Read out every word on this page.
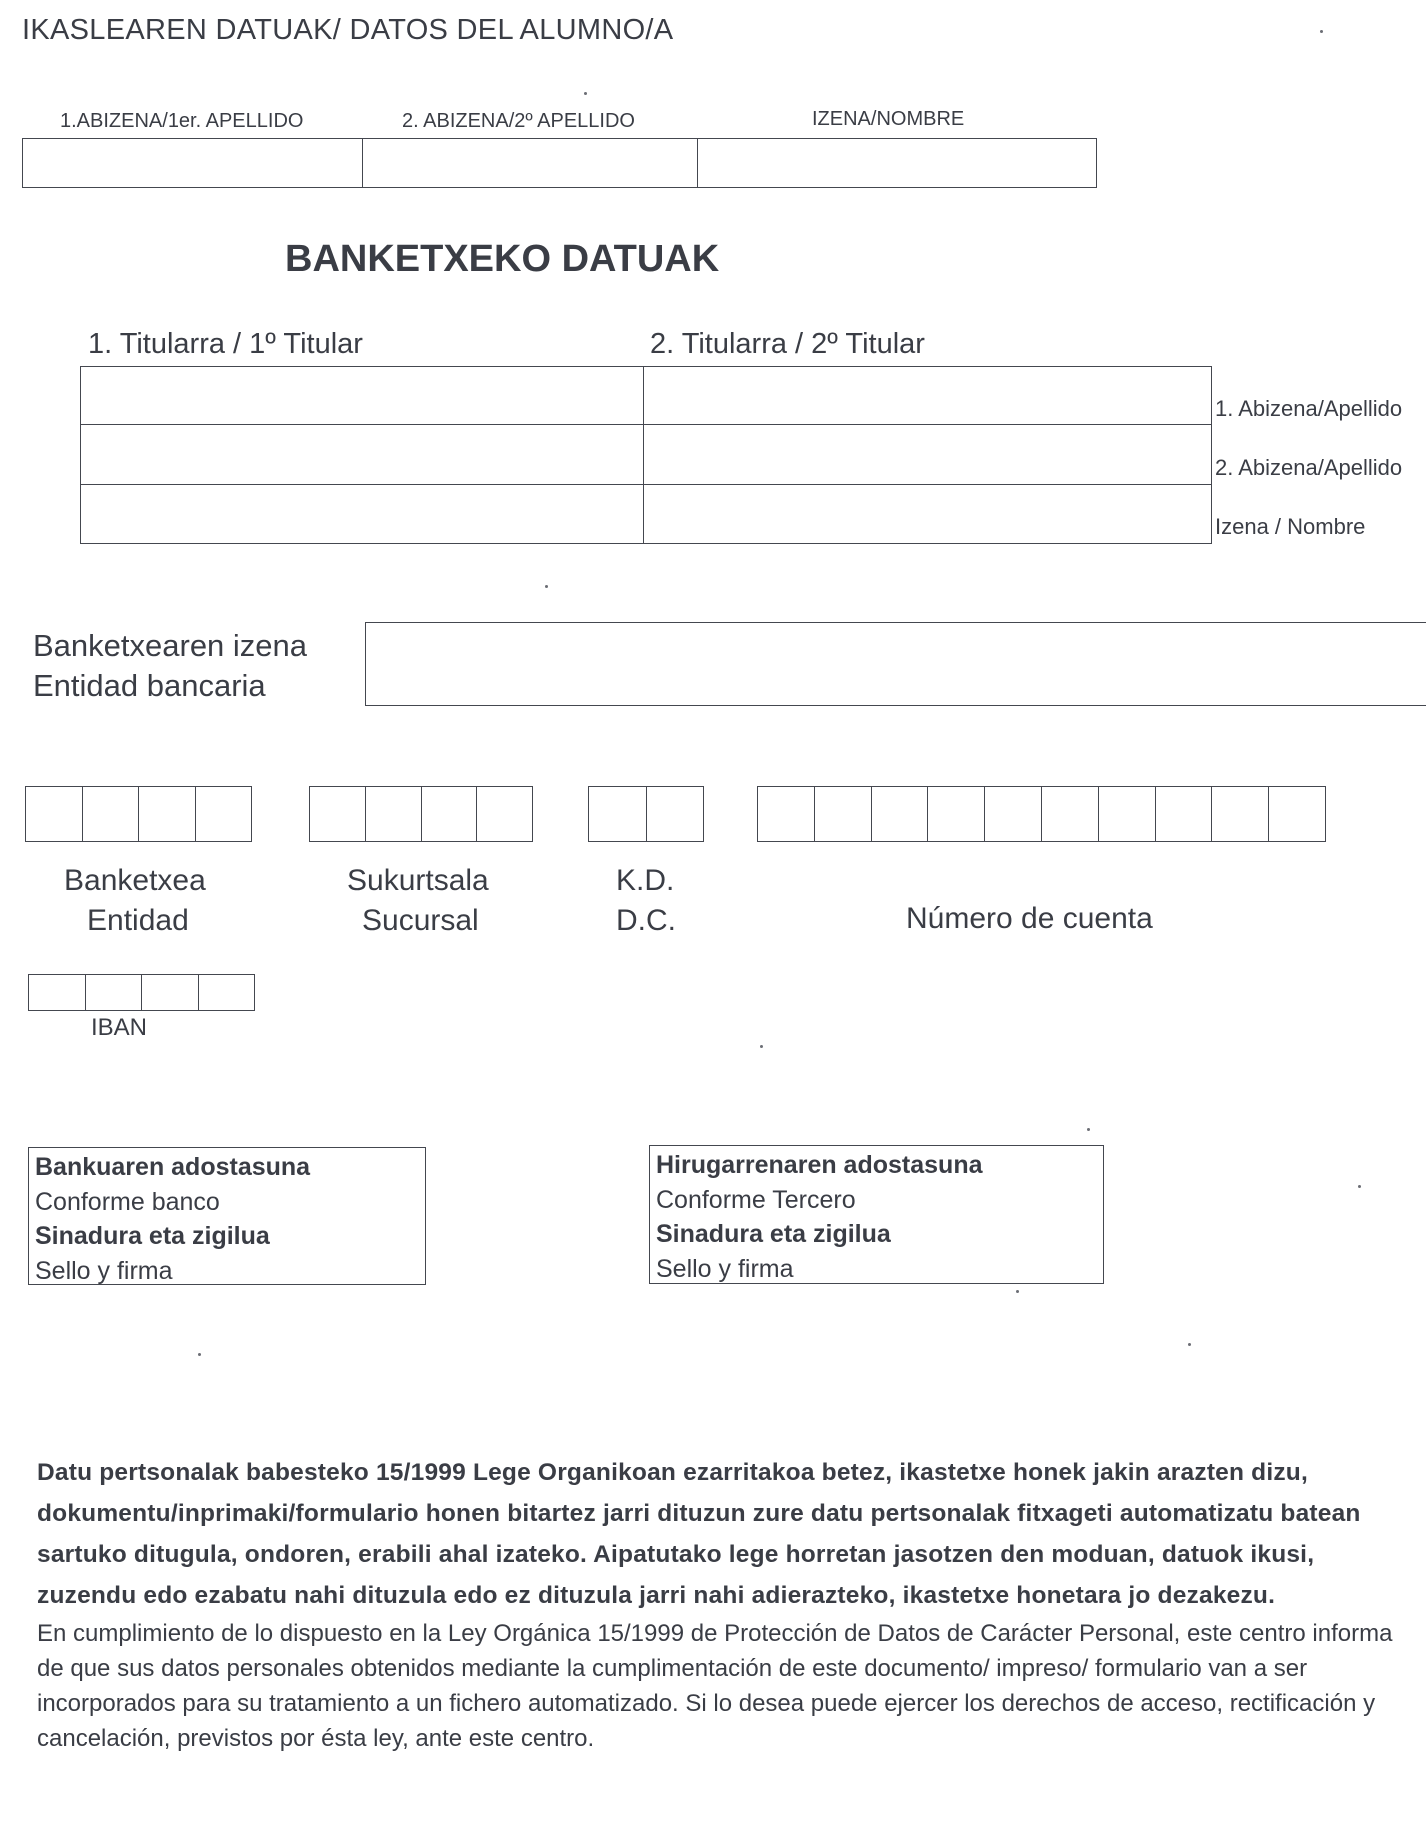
IKASLEAREN DATUAK/ DATOS DEL ALUMNO/A
1.ABIZENA/1er. APELLIDO	2. ABIZENA/2º APELLIDO	IZENA/NOMBRE
BANKETXEKO DATUAK
1. Titularra / 1º Titular	2. Titularra / 2º Titular
1. Abizena/Apellido
2. Abizena/Apellido
Izena / Nombre
Banketxearen izena
Entidad bancaria
Banketxea
Entidad
Sukurtsala
Sucursal
K.D.
D.C.	Número de cuenta
IBAN
Bankuaren adostasuna
Conforme banco
Sinadura eta zigilua
Sello y firma
Hirugarrenaren adostasuna
Conforme Tercero
Sinadura eta zigilua
Sello y firma

Datu pertsonalak babesteko 15/1999 Lege Organikoan ezarritakoa betez, ikastetxe honek jakin arazten dizu, dokumentu/inprimaki/formulario honen bitartez jarri dituzun zure datu pertsonalak fitxageti automatizatu batean sartuko ditugula, ondoren, erabili ahal izateko. Aipatutako lege horretan jasotzen den moduan, datuok ikusi, zuzendu edo ezabatu nahi dituzula edo ez dituzula jarri nahi adierazteko, ikastetxe honetara jo dezakezu.

En cumplimiento de lo dispuesto en la Ley Orgánica 15/1999 de Protección de Datos de Carácter Personal, este centro informa de que sus datos personales obtenidos mediante la cumplimentación de este documento/ impreso/ formulario van a ser incorporados para su tratamiento a un fichero automatizado. Si lo desea puede ejercer los derechos de acceso, rectificación y cancelación, previstos por ésta ley, ante este centro.
